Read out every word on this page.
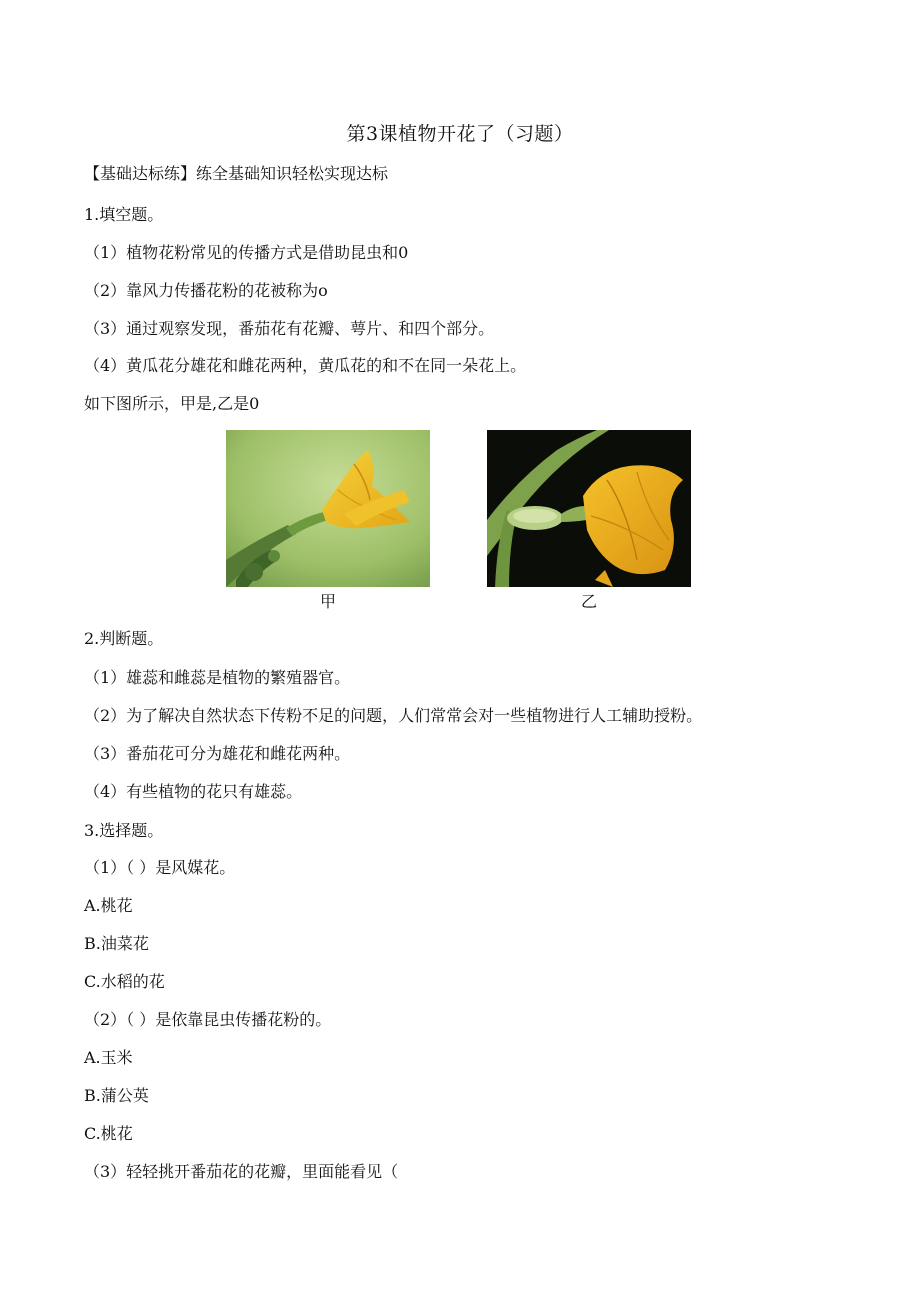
第3课植物开花了（习题）
【基础达标练】练全基础知识轻松实现达标
1.填空题。
（1）植物花粉常见的传播方式是借助昆虫和0
（2）靠风力传播花粉的花被称为o
（3）通过观察发现，番茄花有花瓣、萼片、和四个部分。
（4）黄瓜花分雄花和雌花两种，黄瓜花的和不在同一朵花上。
如下图所示，甲是,乙是0
甲	乙
2.判断题。
（1）雄蕊和雌蕊是植物的繁殖器官。
（2）为了解决自然状态下传粉不足的问题，人们常常会对一些植物进行人工辅助授粉。
（3）番茄花可分为雄花和雌花两种。
（4）有些植物的花只有雄蕊。
3.选择题。
（1）（ ）是风媒花。
A.桃花
B.油菜花
C.水稻的花
（2）（ ）是依靠昆虫传播花粉的。
A.玉米
B.蒲公英
C.桃花
（3）轻轻挑开番茄花的花瓣，里面能看见（
